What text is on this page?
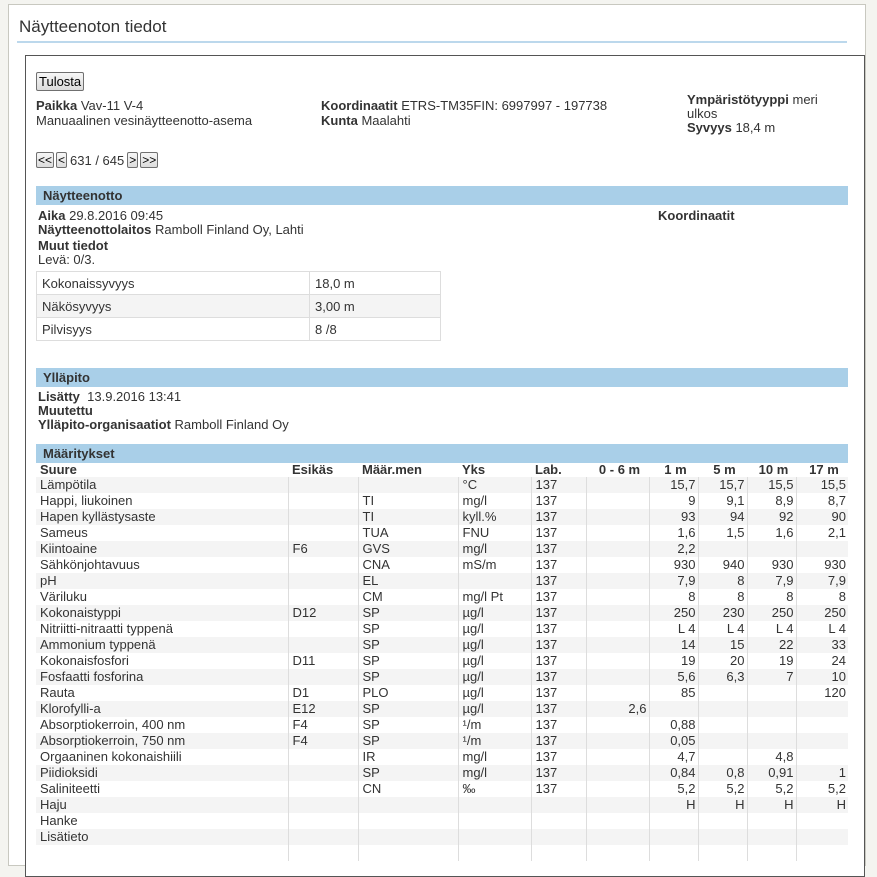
Näytteenoton tiedot
Tulosta
Paikka Vav-11 V-4
Manuaalinen vesinäytteenotto-asema
Koordinaatit ETRS-TM35FIN: 6997997 - 197738
Kunta Maalahti
Ympäristötyyppi meri
ulkos
Syvyys 18,4 m
<< < 631 / 645 > >>
Näytteenotto
Aika 29.8.2016 09:45	Koordinaatit
Näytteenottolaitos Ramboll Finland Oy, Lahti
Muut tiedot
Levä: 0/3.
Kokonaissyvyys	18,0 m
Näkösyvyys	3,00 m
Pilvisyys	8 /8
Ylläpito
Lisätty 13.9.2016 13:41
Muutettu
Ylläpito-organisaatiot Ramboll Finland Oy
Määritykset
Suure	Esikäs	Määr.men	Yks	Lab.	0 - 6 m	1 m	5 m	10 m	17 m
Lämpötila			°C	137		15,7	15,7	15,5	15,5
Happi, liukoinen		TI	mg/l	137		9	9,1	8,9	8,7
Hapen kyllästysaste		TI	kyll.%	137		93	94	92	90
Sameus		TUA	FNU	137		1,6	1,5	1,6	2,1
Kiintoaine	F6	GVS	mg/l	137		2,2			
Sähkönjohtavuus		CNA	mS/m	137		930	940	930	930
pH		EL		137		7,9	8	7,9	7,9
Väriluku		CM	mg/l Pt	137		8	8	8	8
Kokonaistyppi	D12	SP	µg/l	137		250	230	250	250
Nitriitti-nitraatti typpenä		SP	µg/l	137		L 4	L 4	L 4	L 4
Ammonium typpenä		SP	µg/l	137		14	15	22	33
Kokonaisfosfori	D11	SP	µg/l	137		19	20	19	24
Fosfaatti fosforina		SP	µg/l	137		5,6	6,3	7	10
Rauta	D1	PLO	µg/l	137		85			120
Klorofylli-a	E12	SP	µg/l	137	2,6				
Absorptiokerroin, 400 nm	F4	SP	¹/m	137		0,88			
Absorptiokerroin, 750 nm	F4	SP	¹/m	137		0,05			
Orgaaninen kokonaishiili		IR	mg/l	137		4,7		4,8	
Piidioksidi		SP	mg/l	137		0,84	0,8	0,91	1
Saliniteetti		CN	‰	137		5,2	5,2	5,2	5,2
Haju						H	H	H	H
Hanke									
Lisätieto									
